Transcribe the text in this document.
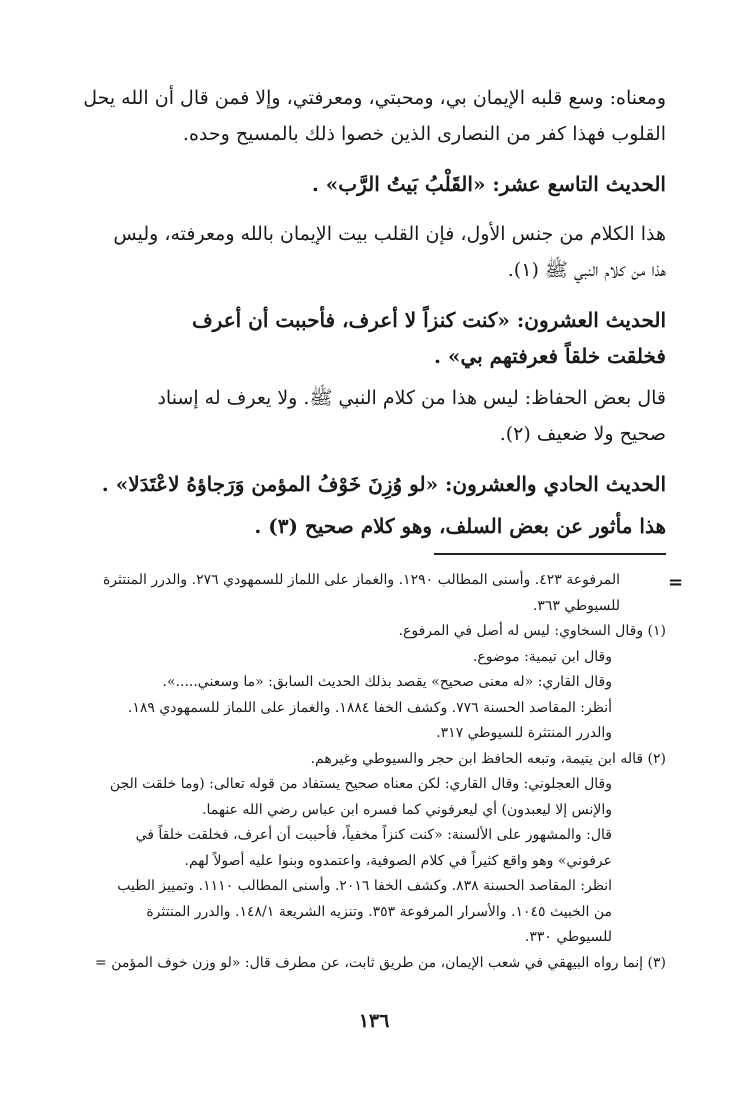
ومعناه: وسع قلبه الإيمان بي، ومحبتي، ومعرفتي، وإلا فمن قال أن الله يحل
القلوب فهذا كفر من النصارى الذين خصوا ذلك بالمسيح وحده.
الحديث التاسع عشر: «القَلْبُ بَيتُ الرَّب» .
هذا الكلام من جنس الأول، فإن القلب بيت الإيمان بالله ومعرفته، وليس
هذا من كلام النبي ﷺ (١).
الحديث العشرون: «كنت كنزاً لا أعرف، فأحببت أن أعرف
فخلقت خلقاً فعرفتهم بي» .
قال بعض الحفاظ: ليس هذا من كلام النبي ﷺ. ولا يعرف له إسناد
صحيح ولا ضعيف (٢).
الحديث الحادي والعشرون: «لو وُزِنَ خَوْفُ المؤمن وَرَجاؤهُ لاعْتَدَلا» .
هذا مأثور عن بعض السلف، وهو كلام صحيح (٣) .
=
المرفوعة ٤٢٣. وأسنى المطالب ١٢٩٠. والغماز على اللماز للسمهودي ٢٧٦. والدرر المنتثرة
للسيوطي ٣٦٣.
(١) وقال السخاوي: ليس له أصل في المرفوع.
وقال ابن تيمية: موضوع.
وقال القاري: «له معنى صحيح» يقصد بذلك الحديث السابق: «ما وسعني.....».
أنظر: المقاصد الحسنة ٧٧٦. وكشف الخفا ١٨٨٤. والغماز على اللماز للسمهودي ١٨٩.
والدرر المنتثرة للسيوطي ٣١٧.
(٢) قاله ابن يتيمة، وتبعه الحافظ ابن حجر والسيوطي وغيرهم.
وقال العجلوني: وقال القاري: لكن معناه صحيح يستفاد من قوله تعالى: (وما خلقت الجن
والإنس إلا ليعبدون) أي ليعرفوني كما فسره ابن عباس رضي الله عنهما.
قال: والمشهور على الألسنة: «كنت كنزاً مخفياً، فأحببت أن أعرف، فخلقت خلقاً في
عرفوني» وهو واقع كثيراً في كلام الصوفية، واعتمدوه وبنوا عليه أصولاً لهم.
انظر: المقاصد الحسنة ٨٣٨. وكشف الخفا ٢٠١٦. وأسنى المطالب ١١١٠. وتمييز الطيب
من الخبيث ١٠٤٥. والأسرار المرفوعة ٣٥٣. وتنزيه الشريعة ١٤٨/١. والدرر المنتثرة
للسيوطي ٣٣٠.
(٣) إنما رواه البيهقي في شعب الإيمان، من طريق ثابت، عن مطرف قال: «لو وزن خوف المؤمن =
١٣٦
